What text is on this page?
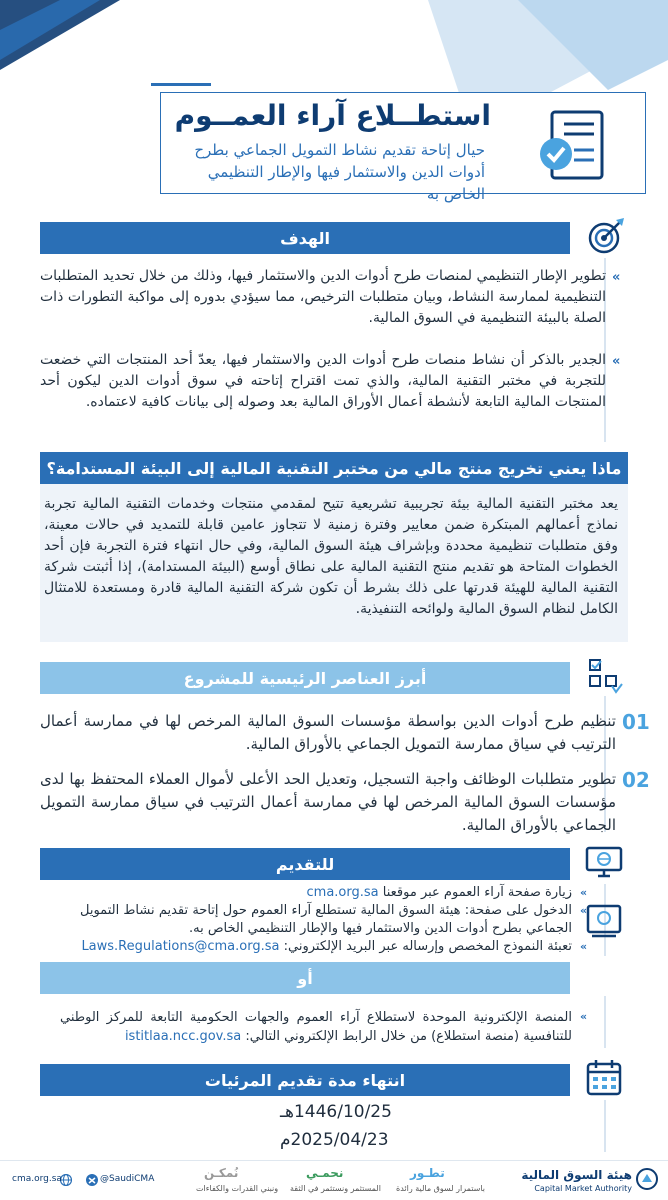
استطــلاع آراء العمــوم
حيال إتاحة تقديم نشاط التمويل الجماعي بطرح أدوات الدين والاستثمار فيها والإطار التنظيمي الخاص به
الهدف
«
تطوير الإطار التنظيمي لمنصات طرح أدوات الدين والاستثمار فيها، وذلك من خلال تحديد المتطلبات التنظيمية لممارسة النشاط، وبيان متطلبات الترخيص، مما سيؤدي بدوره إلى مواكبة التطورات ذات الصلة بالبيئة التنظيمية في السوق المالية.
«
الجدير بالذكر أن نشاط منصات طرح أدوات الدين والاستثمار فيها، يعدّ أحد المنتجات التي خضعت للتجربة في مختبر التقنية المالية، والذي تمت اقتراح إتاحته في سوق أدوات الدين ليكون أحد المنتجات المالية التابعة لأنشطة أعمال الأوراق المالية بعد وصوله إلى بيانات كافية لاعتماده.
ماذا يعني تخريج منتج مالي من مختبر التقنية المالية إلى البيئة المستدامة؟
يعد مختبر التقنية المالية بيئة تجريبية تشريعية تتيح لمقدمي منتجات وخدمات التقنية المالية تجربة نماذج أعمالهم المبتكرة ضمن معايير وفترة زمنية لا تتجاوز عامين قابلة للتمديد في حالات معينة، وفق متطلبات تنظيمية محددة وبإشراف هيئة السوق المالية، وفي حال انتهاء فترة التجربة فإن أحد الخطوات المتاحة هو تقديم منتج التقنية المالية على نطاق أوسع (البيئة المستدامة)، إذا أثبتت شركة التقنية المالية للهيئة قدرتها على ذلك بشرط أن تكون شركة التقنية المالية قادرة ومستعدة للامتثال الكامل لنظام السوق المالية ولوائحه التنفيذية.
أبرز العناصر الرئيسية للمشروع
01
تنظيم طرح أدوات الدين بواسطة مؤسسات السوق المالية المرخص لها في ممارسة أعمال الترتيب في سياق ممارسة التمويل الجماعي بالأوراق المالية.
02
تطوير متطلبات الوظائف واجبة التسجيل، وتعديل الحد الأعلى لأموال العملاء المحتفظ بها لدى مؤسسات السوق المالية المرخص لها في ممارسة أعمال الترتيب في سياق ممارسة التمويل الجماعي بالأوراق المالية.
للتقديم
«
زيارة صفحة آراء العموم عبر موقعنا cma.org.sa
«
الدخول على صفحة: هيئة السوق المالية تستطلع آراء العموم حول إتاحة تقديم نشاط التمويل الجماعي بطرح أدوات الدين والاستثمار فيها والإطار التنظيمي الخاص به.
«
تعبئة النموذج المخصص وإرساله عبر البريد الإلكتروني: Laws.Regulations@cma.org.sa
أو
«
المنصة الإلكترونية الموحدة لاستطلاع آراء العموم والجهات الحكومية التابعة للمركز الوطني للتنافسية (منصة استطلاع) من خلال الرابط الإلكتروني التالي: istitlaa.ncc.gov.sa
انتهاء مدة تقديم المرئيات
1446/10/25هـ
2025/04/23م
هيئة السوق المالية
Capital Market Authority
تطـور
باستمرار لسوق مالية رائدة
نحمـي
المستثمر ونستثمر في الثقة
نُمكـن
ونبني القدرات والكفاءات
@SaudiCMA
cma.org.sa
